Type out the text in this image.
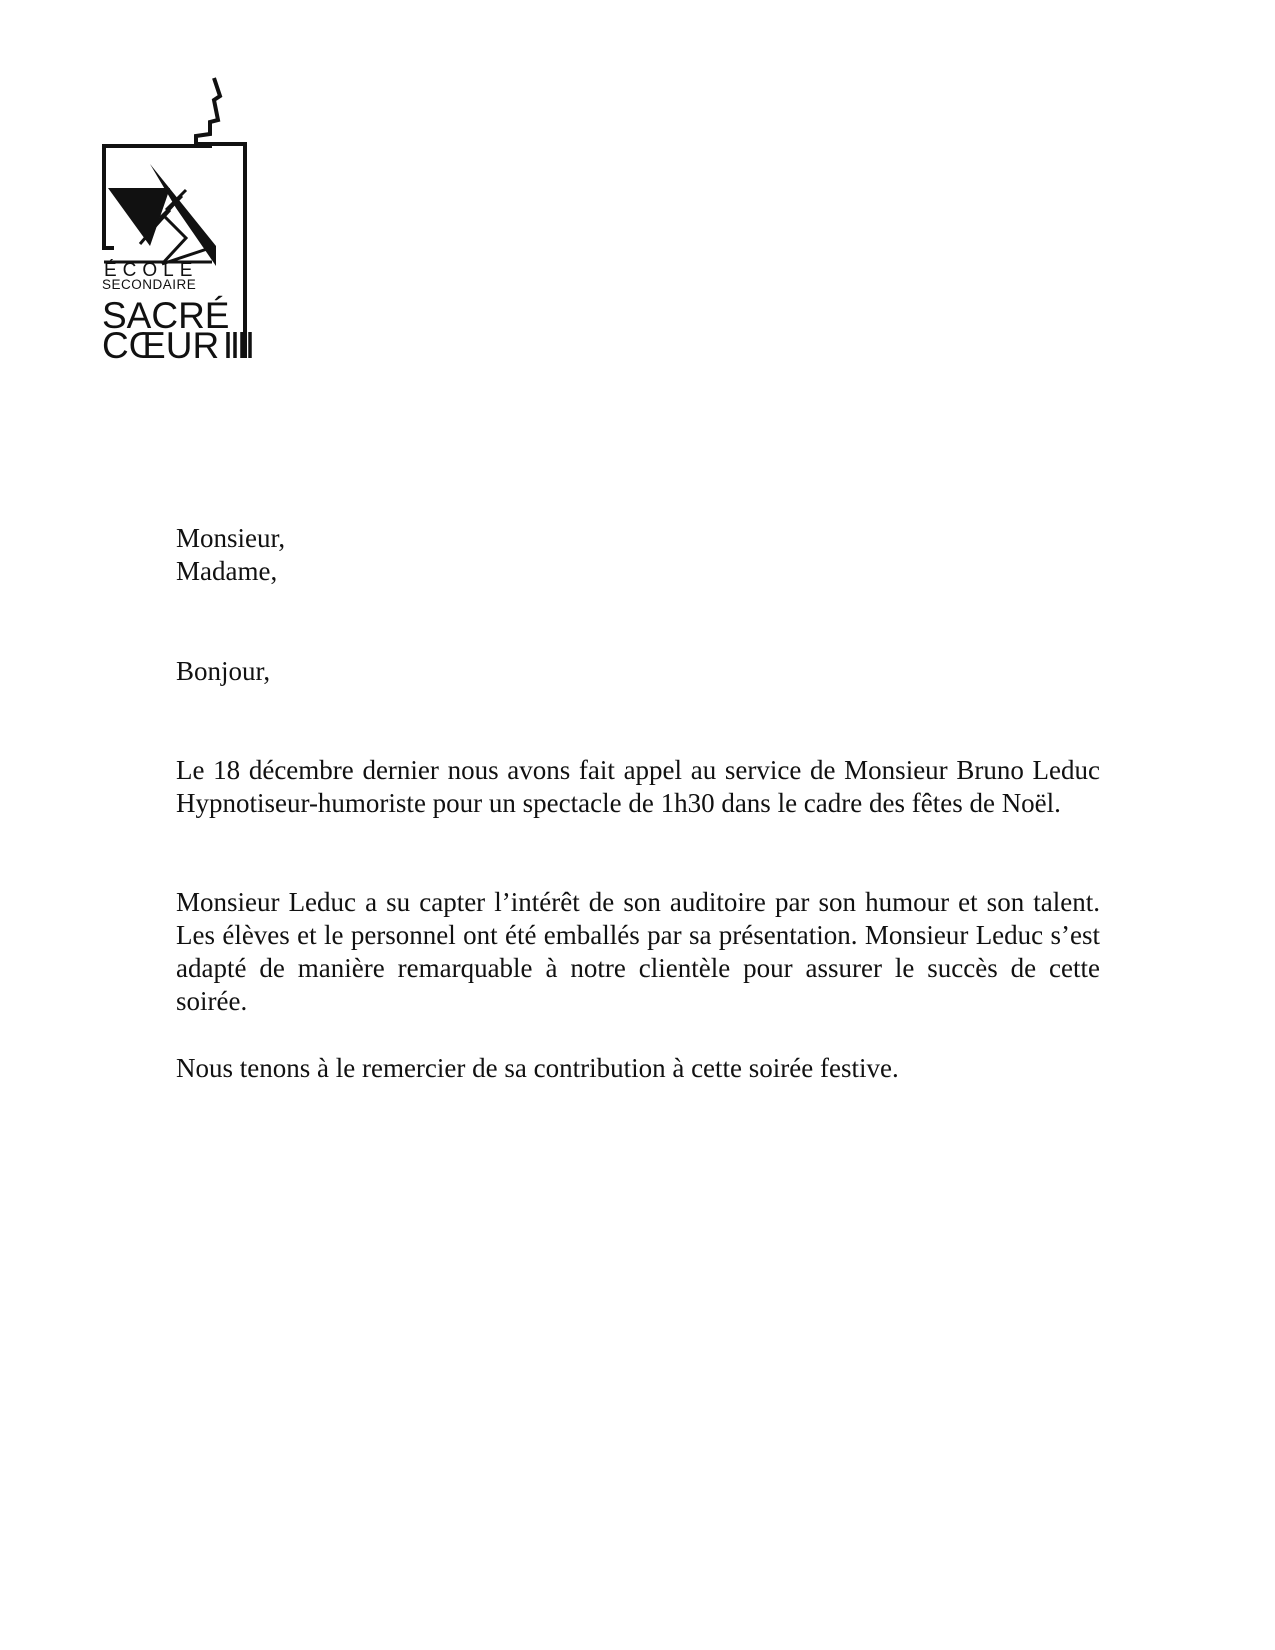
ÉCOLE
SECONDAIRE
SACRÉ
CŒUR

Monsieur,

Madame,

Bonjour,

Le 18 décembre dernier nous avons fait appel au service de Monsieur Bruno Leduc Hypnotiseur-humoriste pour un spectacle de 1h30 dans le cadre des fêtes de Noël.

Monsieur Leduc a su capter l’intérêt de son auditoire par son humour et son talent. Les élèves et le personnel ont été emballés par sa présentation. Monsieur Leduc s’est adapté de manière remarquable à notre clientèle pour assurer le succès de cette soirée.

Nous tenons à le remercier de sa contribution à cette soirée festive.
